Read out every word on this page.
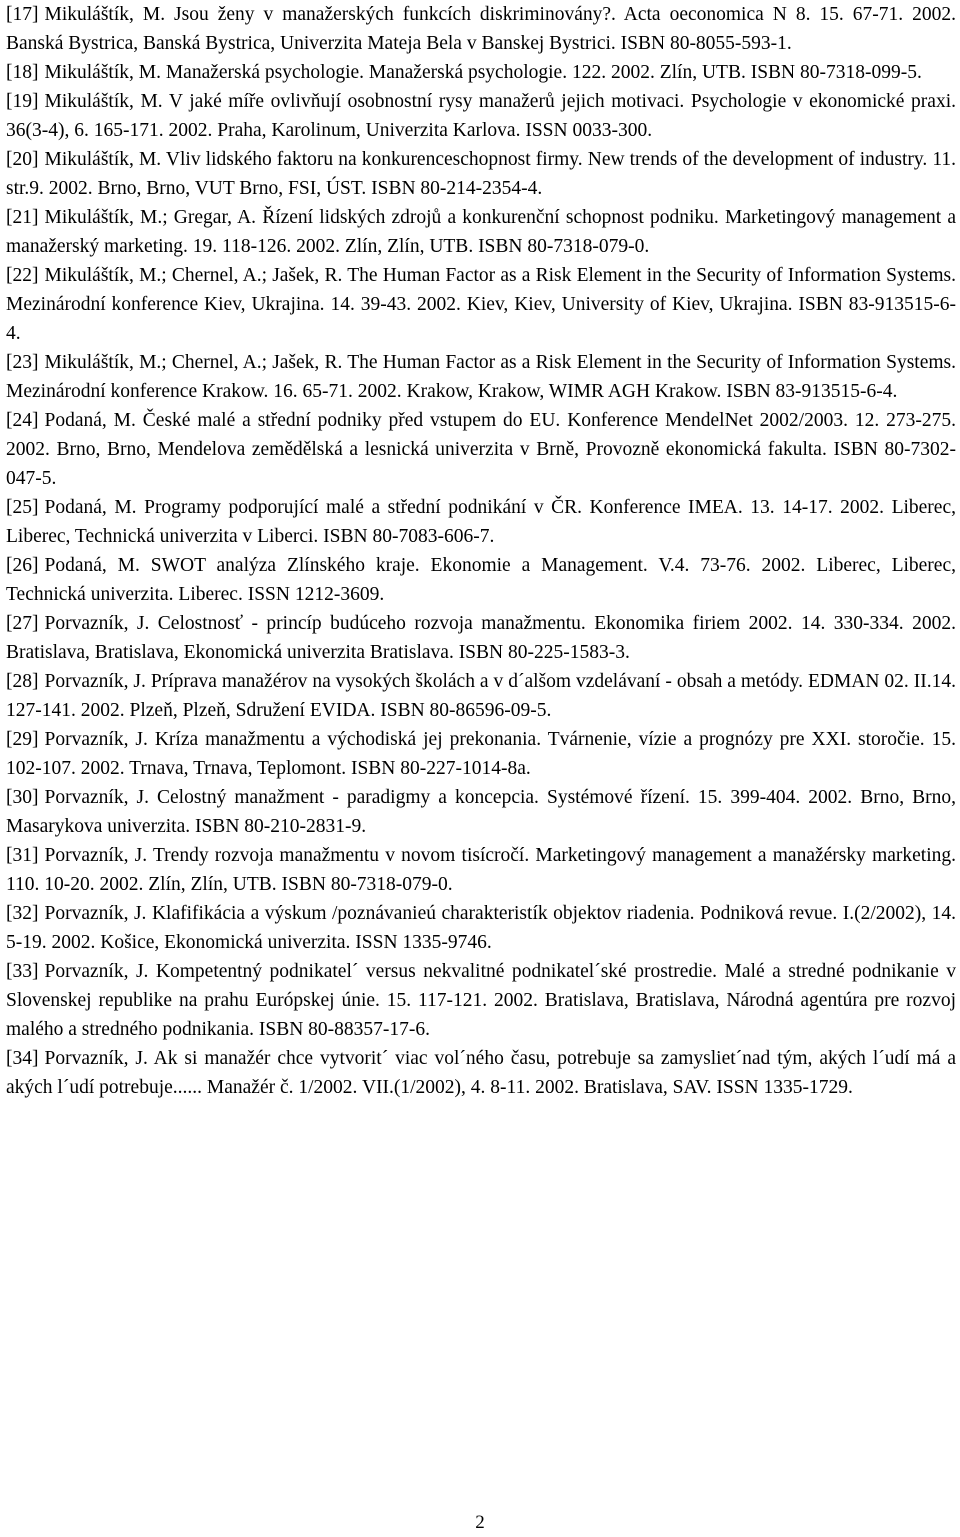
[17] Mikuláštík, M. Jsou ženy v manažerských funkcích diskriminovány?. Acta oeconomica N 8. 15. 67-71. 2002. Banská Bystrica, Banská Bystrica, Univerzita Mateja Bela v Banskej Bystrici. ISBN 80-8055-593-1.

[18] Mikuláštík, M. Manažerská psychologie. Manažerská psychologie. 122. 2002. Zlín, UTB. ISBN 80-7318-099-5.

[19] Mikuláštík, M. V jaké míře ovlivňují osobnostní rysy manažerů jejich motivaci. Psychologie v ekonomické praxi. 36(3-4), 6. 165-171. 2002. Praha, Karolinum, Univerzita Karlova. ISSN 0033-300.

[20] Mikuláštík, M. Vliv lidského faktoru na konkurenceschopnost firmy. New trends of the development of industry. 11. str.9. 2002. Brno, Brno, VUT Brno, FSI, ÚST. ISBN 80-214-2354-4.

[21] Mikuláštík, M.; Gregar, A. Řízení lidských zdrojů a konkurenční schopnost podniku. Marketingový management a manažerský marketing. 19. 118-126. 2002. Zlín, Zlín, UTB. ISBN 80-7318-079-0.

[22] Mikuláštík, M.; Chernel, A.; Jašek, R. The Human Factor as a Risk Element in the Security of Information Systems. Mezinárodní konference Kiev, Ukrajina. 14. 39-43. 2002. Kiev, Kiev, University of Kiev, Ukrajina. ISBN 83-913515-6-4.

[23] Mikuláštík, M.; Chernel, A.; Jašek, R. The Human Factor as a Risk Element in the Security of Information Systems. Mezinárodní konference Krakow. 16. 65-71. 2002. Krakow, Krakow, WIMR AGH Krakow. ISBN 83-913515-6-4.

[24] Podaná, M. České malé a střední podniky před vstupem do EU. Konference MendelNet 2002/2003. 12. 273-275. 2002. Brno, Brno, Mendelova zemědělská a lesnická univerzita v Brně, Provozně ekonomická fakulta. ISBN 80-7302-047-5.

[25] Podaná, M. Programy podporující malé a střední podnikání v ČR. Konference IMEA. 13. 14-17. 2002. Liberec, Liberec, Technická univerzita v Liberci. ISBN 80-7083-606-7.

[26] Podaná, M. SWOT analýza Zlínského kraje. Ekonomie a Management. V.4. 73-76. 2002. Liberec, Liberec, Technická univerzita. Liberec. ISSN 1212-3609.

[27] Porvazník, J. Celostnosť - princíp budúceho rozvoja manažmentu. Ekonomika firiem 2002. 14. 330-334. 2002. Bratislava, Bratislava, Ekonomická univerzita Bratislava. ISBN 80-225-1583-3.

[28] Porvazník, J. Príprava manažérov na vysokých školách a v d´alšom vzdelávaní - obsah a metódy. EDMAN 02. II.14. 127-141. 2002. Plzeň, Plzeň, Sdružení EVIDA. ISBN 80-86596-09-5.

[29] Porvazník, J. Kríza manažmentu a východiská jej prekonania. Tvárnenie, vízie a prognózy pre XXI. storočie. 15. 102-107. 2002. Trnava, Trnava, Teplomont. ISBN 80-227-1014-8a.

[30] Porvazník, J. Celostný manažment - paradigmy a koncepcia. Systémové řízení. 15. 399-404. 2002. Brno, Brno, Masarykova univerzita. ISBN 80-210-2831-9.

[31] Porvazník, J. Trendy rozvoja manažmentu v novom tisícročí. Marketingový management a manažérsky marketing. 110. 10-20. 2002. Zlín, Zlín, UTB. ISBN 80-7318-079-0.

[32] Porvazník, J. Klafifikácia a výskum /poznávanieú charakteristík objektov riadenia. Podniková revue. I.(2/2002), 14. 5-19. 2002. Košice, Ekonomická univerzita. ISSN 1335-9746.

[33] Porvazník, J. Kompetentný podnikatel´ versus nekvalitné podnikatel´ské prostredie. Malé a stredné podnikanie v Slovenskej republike na prahu Európskej únie. 15. 117-121. 2002. Bratislava, Bratislava, Národná agentúra pre rozvoj malého a stredného podnikania. ISBN 80-88357-17-6.

[34] Porvazník, J. Ak si manažér chce vytvorit´ viac vol´ného času, potrebuje sa zamysliet´nad tým, akých l´udí má a akých l´udí potrebuje...... Manažér č. 1/2002. VII.(1/2002), 4. 8-11. 2002. Bratislava, SAV. ISSN 1335-1729.

2
